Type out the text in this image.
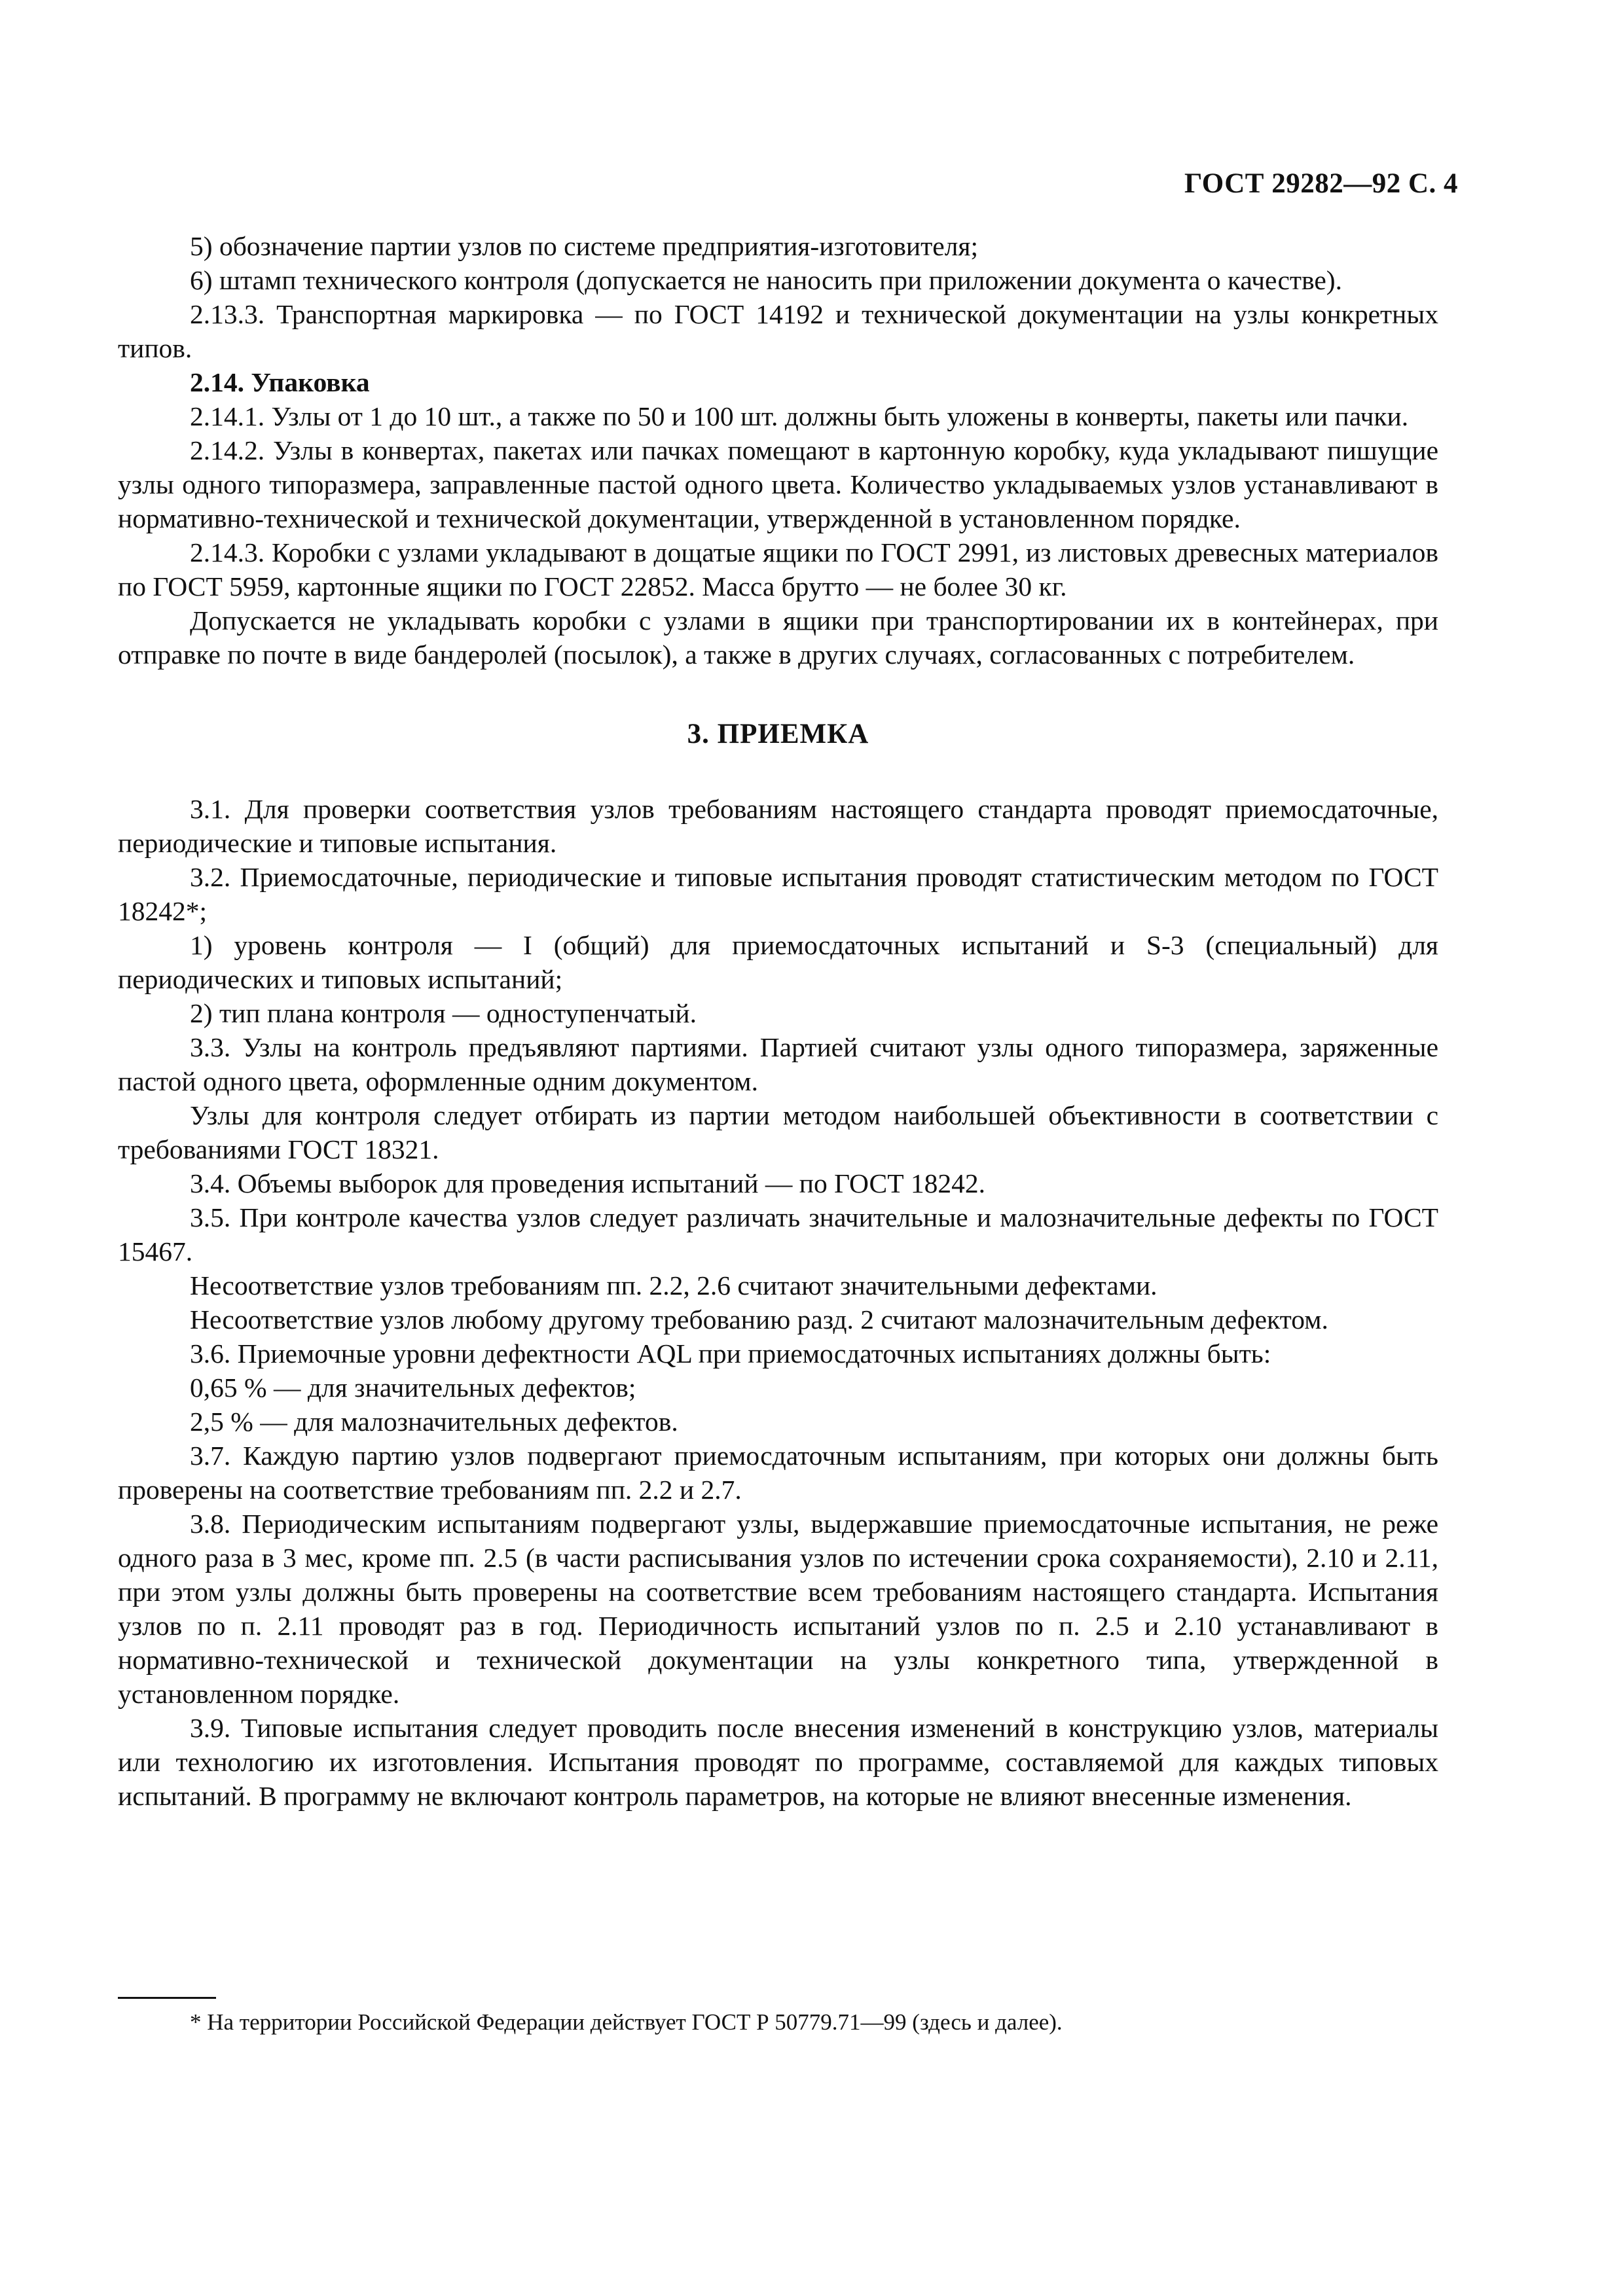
ГОСТ 29282—92 С. 4

5) обозначение партии узлов по системе предприятия-изготовителя;

6) штамп технического контроля (допускается не наносить при приложении документа о качестве).

2.13.3. Транспортная маркировка — по ГОСТ 14192 и технической документации на узлы конкретных типов.

2.14. Упаковка

2.14.1. Узлы от 1 до 10 шт., а также по 50 и 100 шт. должны быть уложены в конверты, пакеты или пачки.

2.14.2. Узлы в конвертах, пакетах или пачках помещают в картонную коробку, куда укладывают пишущие узлы одного типоразмера, заправленные пастой одного цвета. Количество укладываемых узлов устанавливают в нормативно-технической и технической документации, утвержденной в установленном порядке.

2.14.3. Коробки с узлами укладывают в дощатые ящики по ГОСТ 2991, из листовых древесных материалов по ГОСТ 5959, картонные ящики по ГОСТ 22852. Масса брутто — не более 30 кг.

Допускается не укладывать коробки с узлами в ящики при транспортировании их в контейнерах, при отправке по почте в виде бандеролей (посылок), а также в других случаях, согласованных с потребителем.

3. ПРИЕМКА

3.1. Для проверки соответствия узлов требованиям настоящего стандарта проводят приемосдаточные, периодические и типовые испытания.

3.2. Приемосдаточные, периодические и типовые испытания проводят статистическим методом по ГОСТ 18242*;

1) уровень контроля — I (общий) для приемосдаточных испытаний и S-3 (специальный) для периодических и типовых испытаний;

2) тип плана контроля — одноступенчатый.

3.3. Узлы на контроль предъявляют партиями. Партией считают узлы одного типоразмера, заряженные пастой одного цвета, оформленные одним документом.

Узлы для контроля следует отбирать из партии методом наибольшей объективности в соответствии с требованиями ГОСТ 18321.

3.4. Объемы выборок для проведения испытаний — по ГОСТ 18242.

3.5. При контроле качества узлов следует различать значительные и малозначительные дефекты по ГОСТ 15467.

Несоответствие узлов требованиям пп. 2.2, 2.6 считают значительными дефектами.

Несоответствие узлов любому другому требованию разд. 2 считают малозначительным дефектом.

3.6. Приемочные уровни дефектности AQL при приемосдаточных испытаниях должны быть:

0,65 % — для значительных дефектов;

2,5 % — для малозначительных дефектов.

3.7. Каждую партию узлов подвергают приемосдаточным испытаниям, при которых они должны быть проверены на соответствие требованиям пп. 2.2 и 2.7.

3.8. Периодическим испытаниям подвергают узлы, выдержавшие приемосдаточные испытания, не реже одного раза в 3 мес, кроме пп. 2.5 (в части расписывания узлов по истечении срока сохраняемости), 2.10 и 2.11, при этом узлы должны быть проверены на соответствие всем требованиям настоящего стандарта. Испытания узлов по п. 2.11 проводят раз в год. Периодичность испытаний узлов по п. 2.5 и 2.10 устанавливают в нормативно-технической и технической документации на узлы конкретного типа, утвержденной в установленном порядке.

3.9. Типовые испытания следует проводить после внесения изменений в конструкцию узлов, материалы или технологию их изготовления. Испытания проводят по программе, составляемой для каждых типовых испытаний. В программу не включают контроль параметров, на которые не влияют внесенные изменения.

* На территории Российской Федерации действует ГОСТ Р 50779.71—99 (здесь и далее).
